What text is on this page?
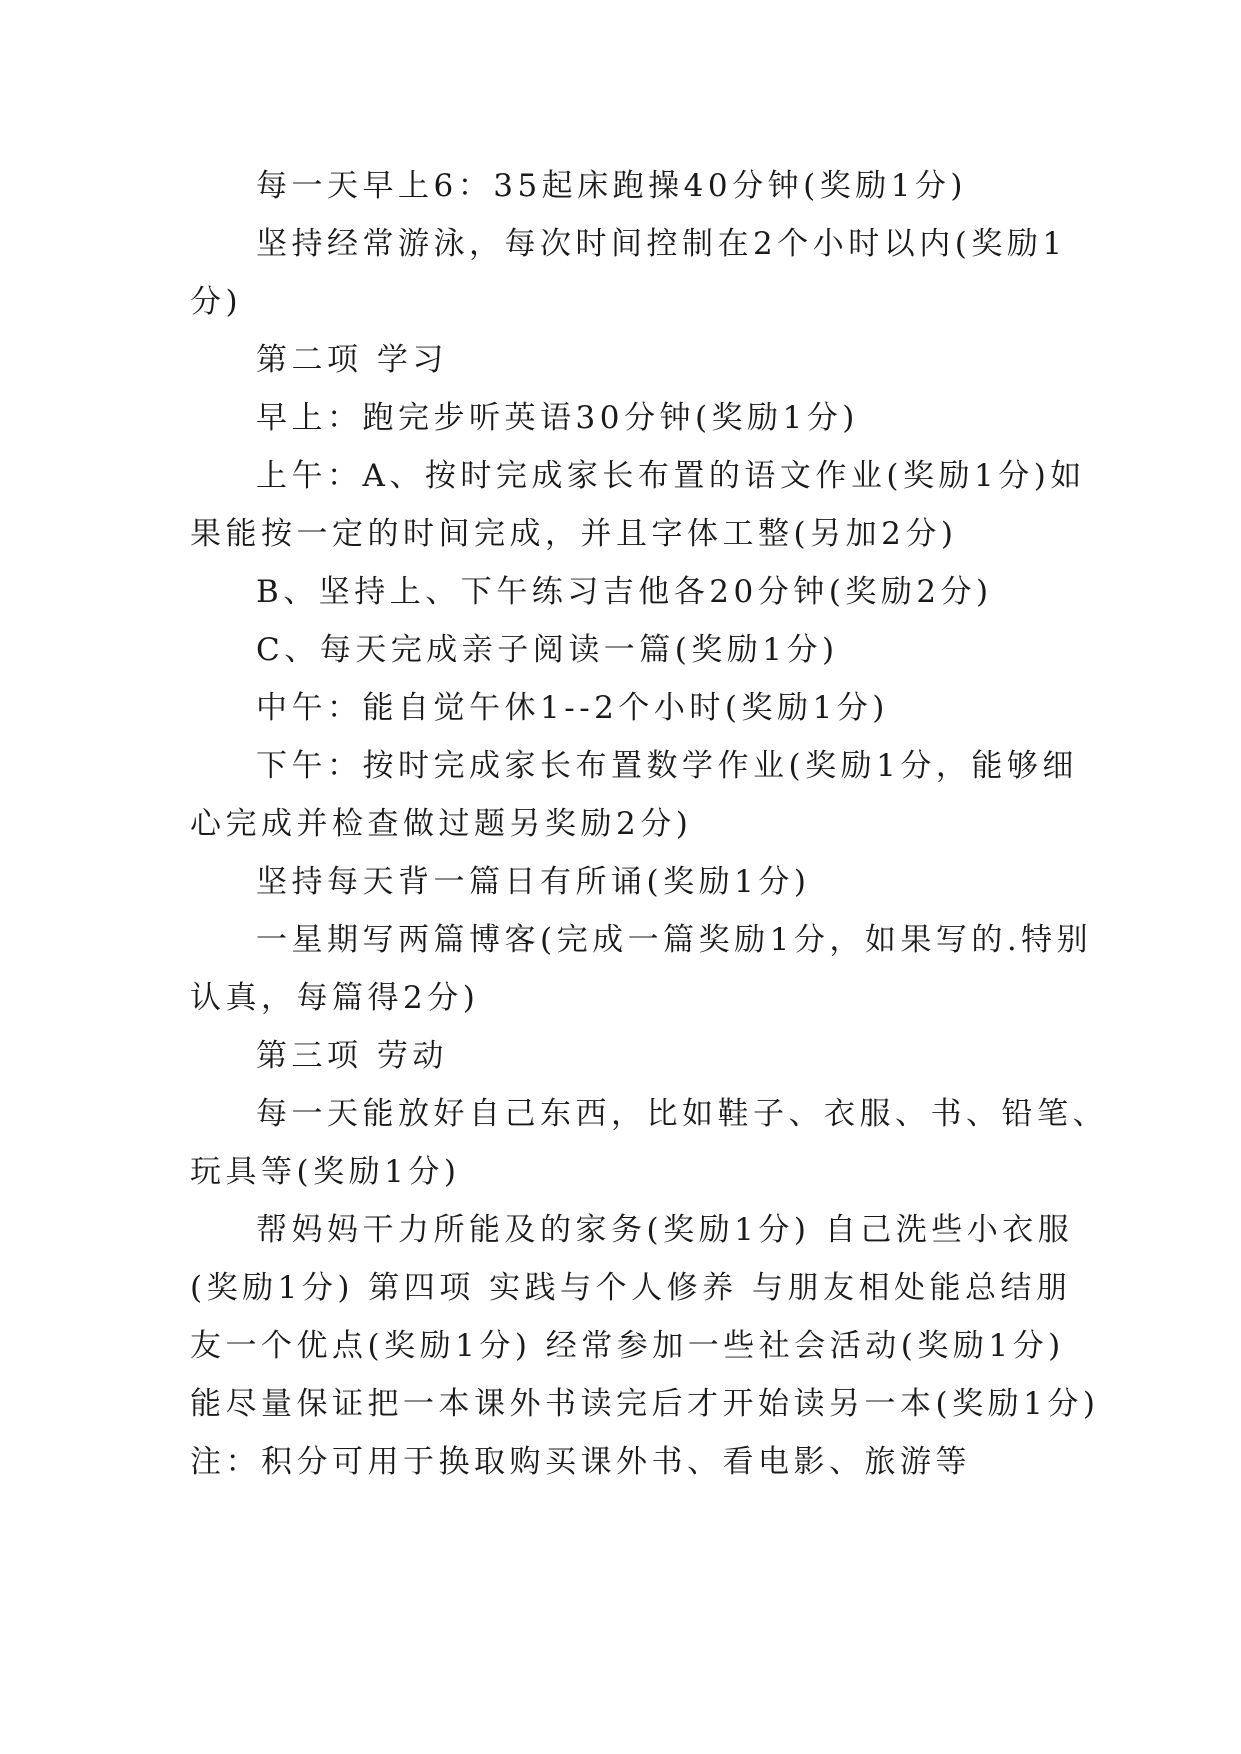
每一天早上6：35起床跑操40分钟(奖励1分)
坚持经常游泳，每次时间控制在2个小时以内(奖励1
分)
第二项 学习
早上：跑完步听英语30分钟(奖励1分)
上午：A、按时完成家长布置的语文作业(奖励1分)如
果能按一定的时间完成，并且字体工整(另加2分)
B、坚持上、下午练习吉他各20分钟(奖励2分)
C、每天完成亲子阅读一篇(奖励1分)
中午：能自觉午休1--2个小时(奖励1分)
下午：按时完成家长布置数学作业(奖励1分，能够细
心完成并检查做过题另奖励2分)
坚持每天背一篇日有所诵(奖励1分)
一星期写两篇博客(完成一篇奖励1分，如果写的.特别
认真，每篇得2分)
第三项 劳动
每一天能放好自己东西，比如鞋子、衣服、书、铅笔、
玩具等(奖励1分)
帮妈妈干力所能及的家务(奖励1分) 自己洗些小衣服
(奖励1分) 第四项 实践与个人修养 与朋友相处能总结朋
友一个优点(奖励1分) 经常参加一些社会活动(奖励1分)
能尽量保证把一本课外书读完后才开始读另一本(奖励1分)
注：积分可用于换取购买课外书、看电影、旅游等
